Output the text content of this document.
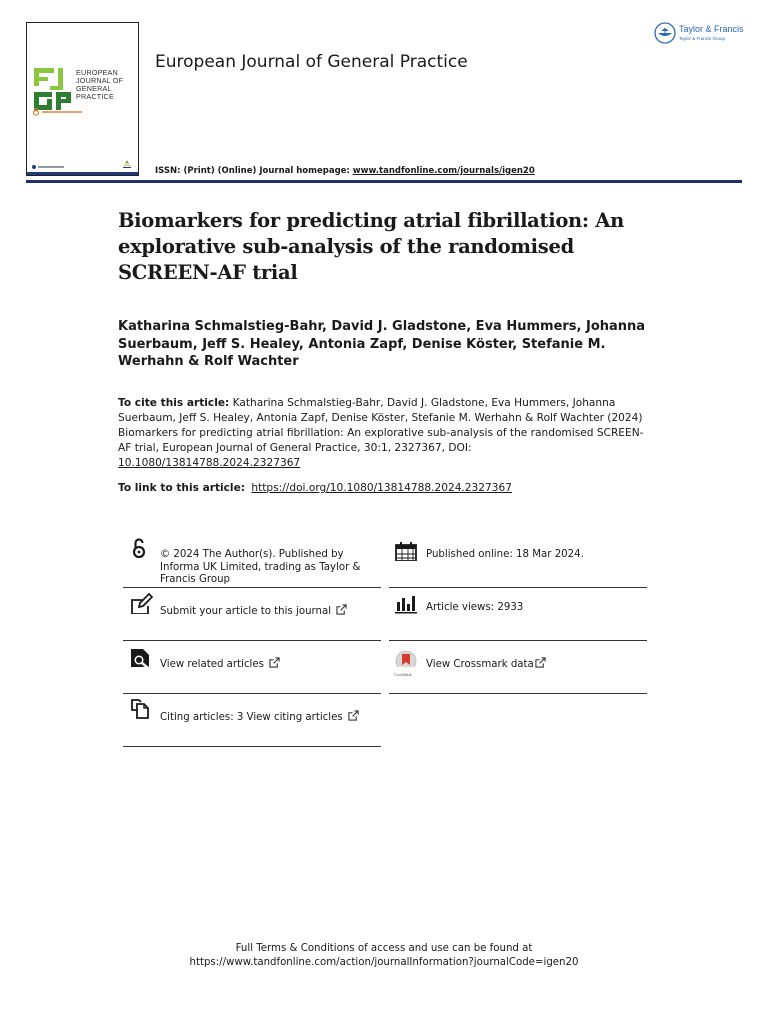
EUROPEAN
JOURNAL OF
GENERAL
PRACTICE
European Journal of General Practice
Taylor & Francis
Taylor & Francis Group
ISSN: (Print) (Online) Journal homepage: www.tandfonline.com/journals/igen20
Biomarkers for predicting atrial fibrillation: An explorative sub-analysis of the randomised SCREEN-AF trial
Katharina Schmalstieg-Bahr, David J. Gladstone, Eva Hummers, Johanna Suerbaum, Jeff S. Healey, Antonia Zapf, Denise Köster, Stefanie M. Werhahn & Rolf Wachter
To cite this article: Katharina Schmalstieg-Bahr, David J. Gladstone, Eva Hummers, Johanna Suerbaum, Jeff S. Healey, Antonia Zapf, Denise Köster, Stefanie M. Werhahn & Rolf Wachter (2024) Biomarkers for predicting atrial fibrillation: An explorative sub-analysis of the randomised SCREEN-AF trial, European Journal of General Practice, 30:1, 2327367, DOI: 10.1080/13814788.2024.2327367
To link to this article: https://doi.org/10.1080/13814788.2024.2327367
© 2024 The Author(s). Published by Informa UK Limited, trading as Taylor & Francis Group
Published online: 18 Mar 2024.
Submit your article to this journal	Article views: 2933
View related articles
CrossMark
View Crossmark data
Citing articles: 3 View citing articles
Full Terms & Conditions of access and use can be found at
https://www.tandfonline.com/action/journalInformation?journalCode=igen20
